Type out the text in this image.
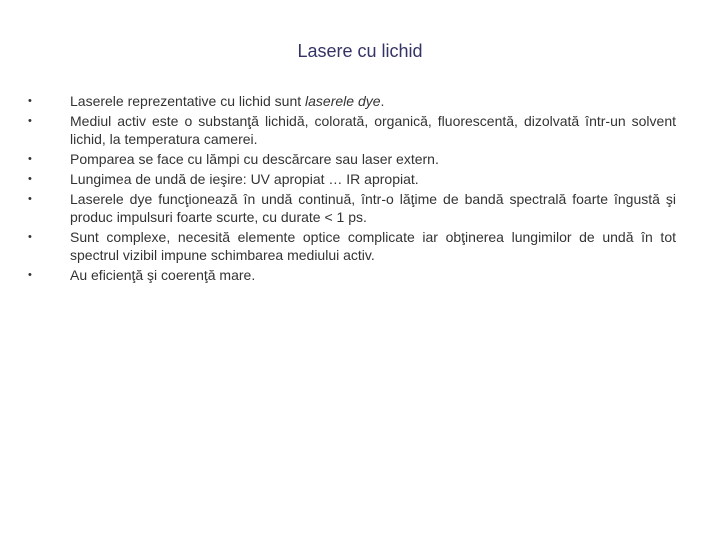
Lasere cu lichid
•	Laserele reprezentative cu lichid sunt laserele dye.
•	Mediul activ este o substanţă lichidă, colorată, organică, fluorescentă, dizolvată într-un solvent lichid, la temperatura camerei.
•	Pomparea se face cu lămpi cu descărcare sau laser extern.
•	Lungimea de undă de ieşire: UV apropiat … IR apropiat.
•	Laserele dye funcţionează în undă continuă, într-o lăţime de bandă spectrală foarte îngustă şi produc impulsuri foarte scurte, cu durate < 1 ps.
•	Sunt complexe, necesită elemente optice complicate iar obţinerea lungimilor de undă în tot spectrul vizibil impune schimbarea mediului activ.
•	Au eficienţă şi coerenţă mare.
